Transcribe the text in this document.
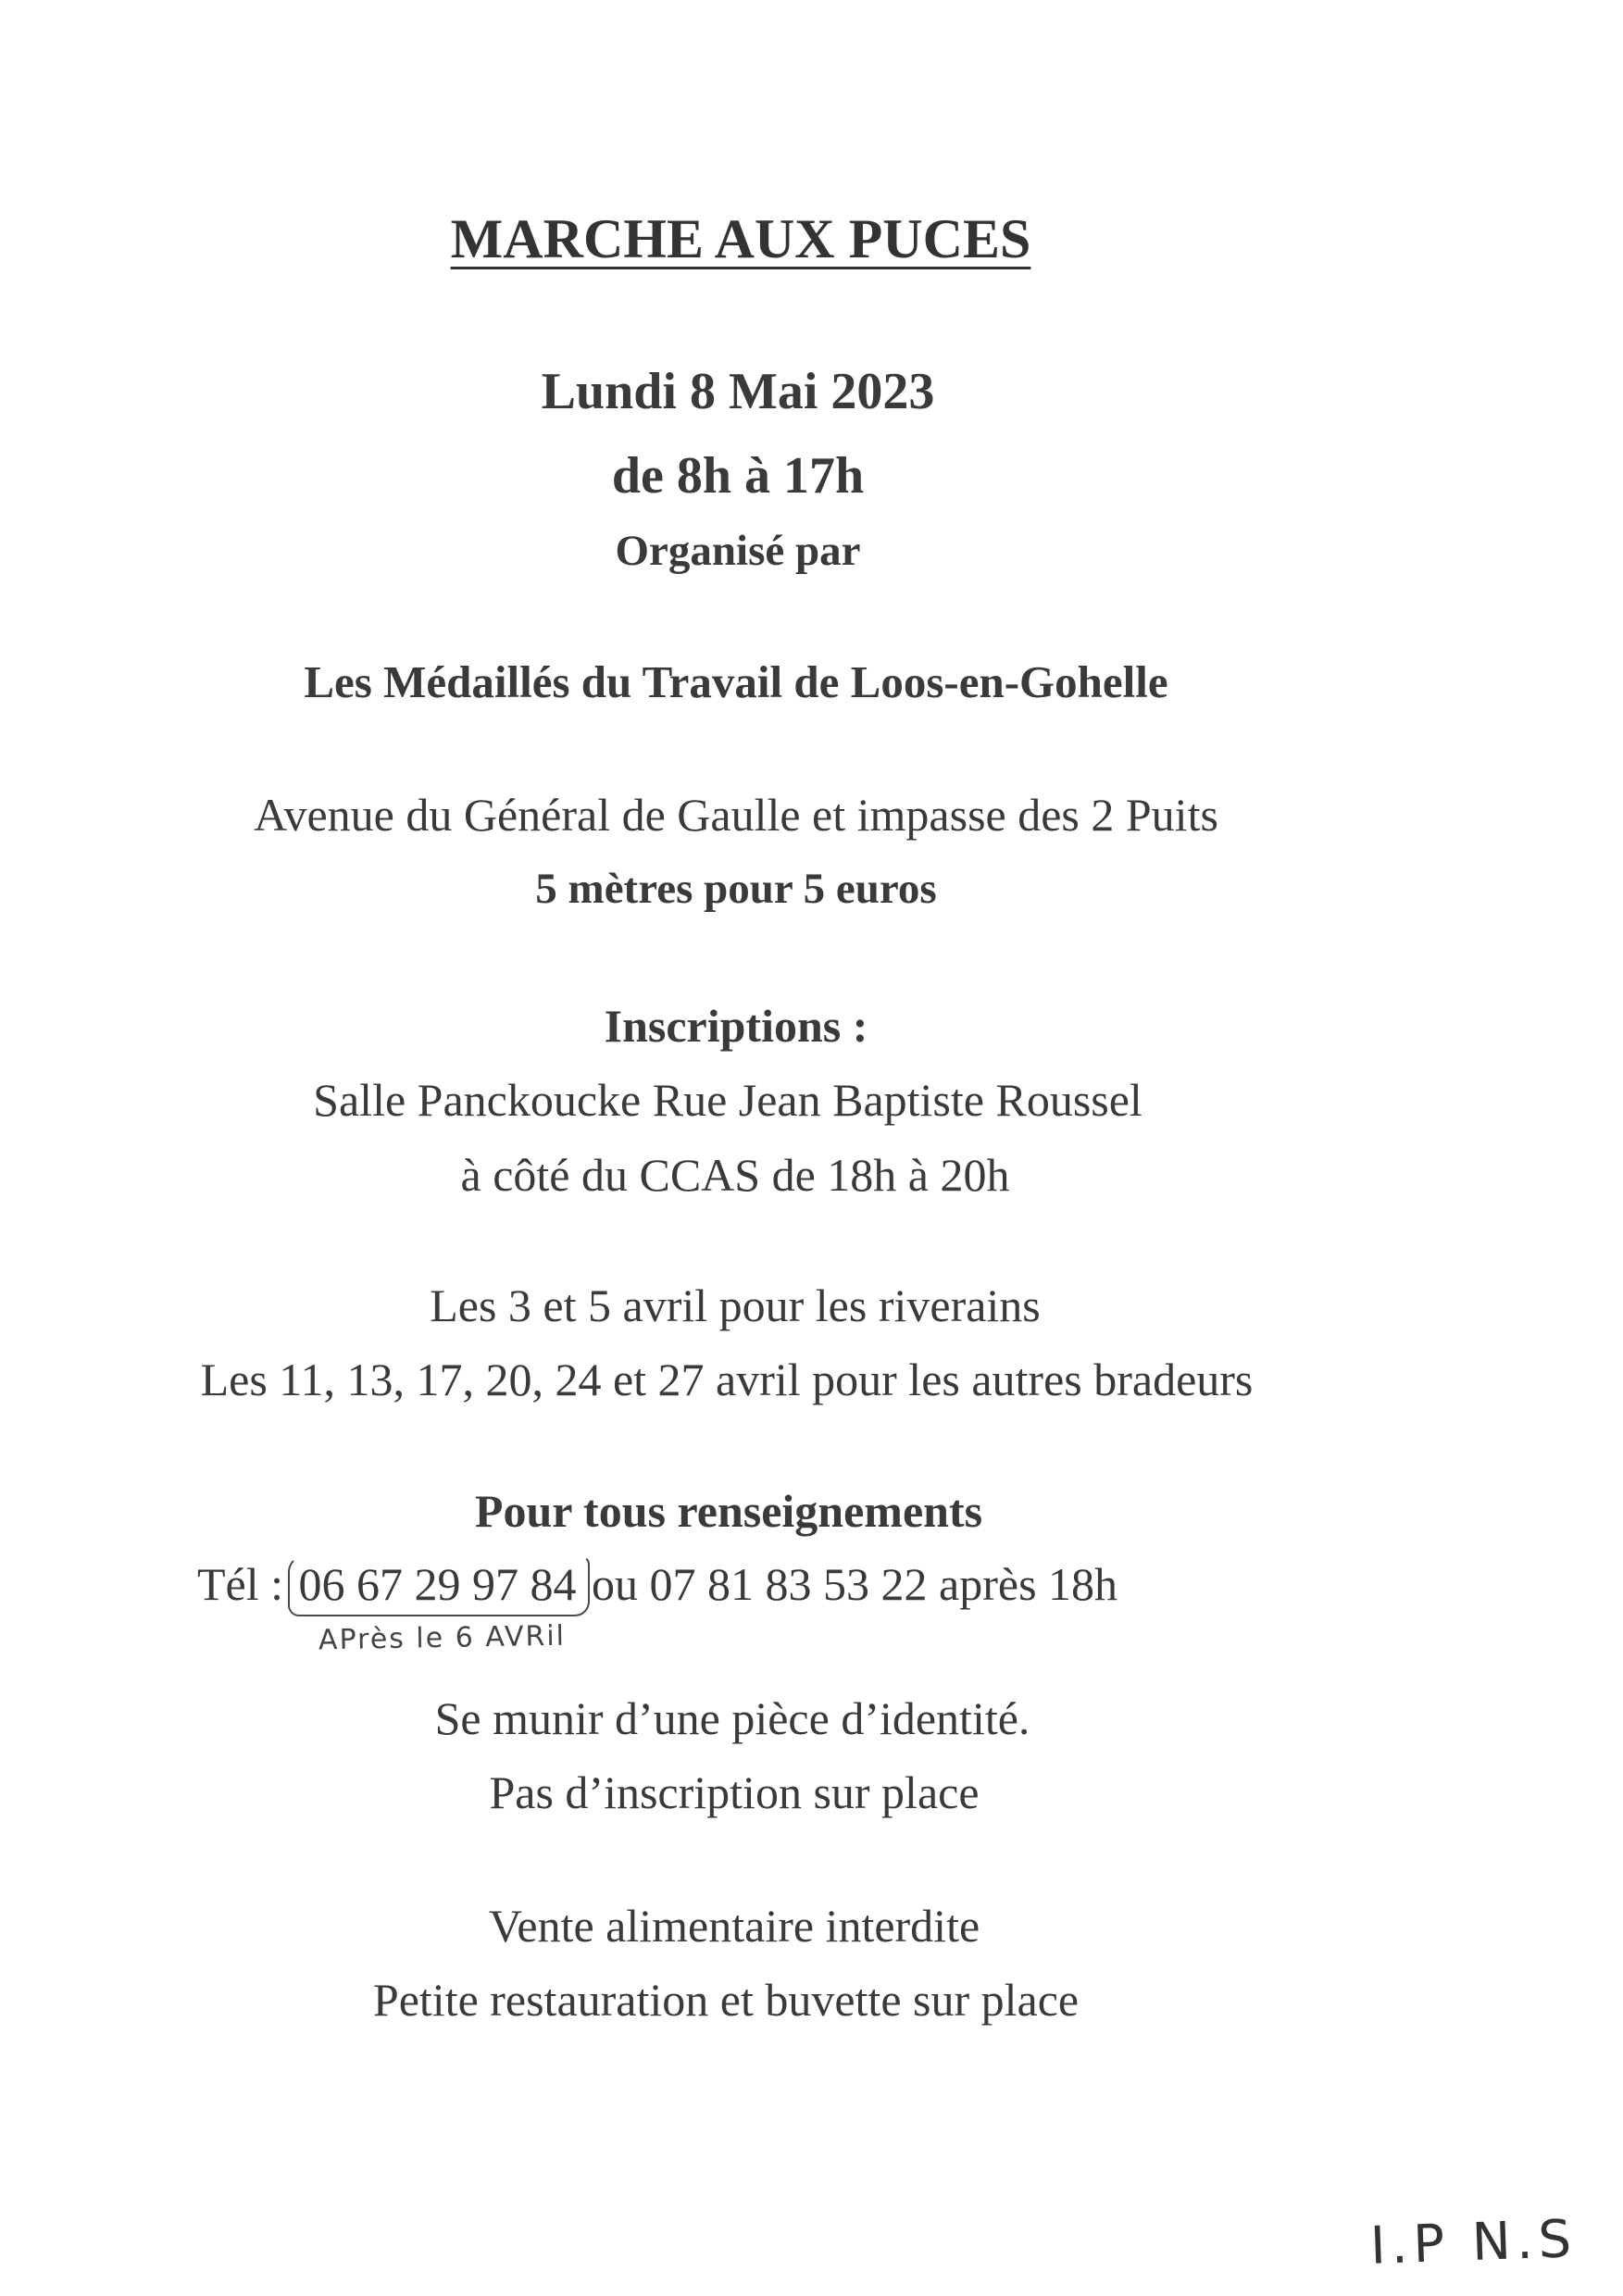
MARCHE AUX PUCES
Lundi 8 Mai 2023
de 8h à 17h
Organisé par
Les Médaillés du Travail de Loos-en-Gohelle
Avenue du Général de Gaulle et impasse des 2 Puits
5 mètres pour 5 euros
Inscriptions :
Salle Panckoucke Rue Jean Baptiste Roussel
à côté du CCAS de 18h à 20h
Les 3 et 5 avril pour les riverains
Les 11, 13, 17, 20, 24 et 27 avril pour les autres bradeurs
Pour tous renseignements
Tél :
06 67 29 97 84 ou 07 81 83 53 22 après 18h
APrès le 6 AVRil
Se munir d’une pièce d’identité.
Pas d’inscription sur place
Vente alimentaire interdite
Petite restauration et buvette sur place
I.P N.S
